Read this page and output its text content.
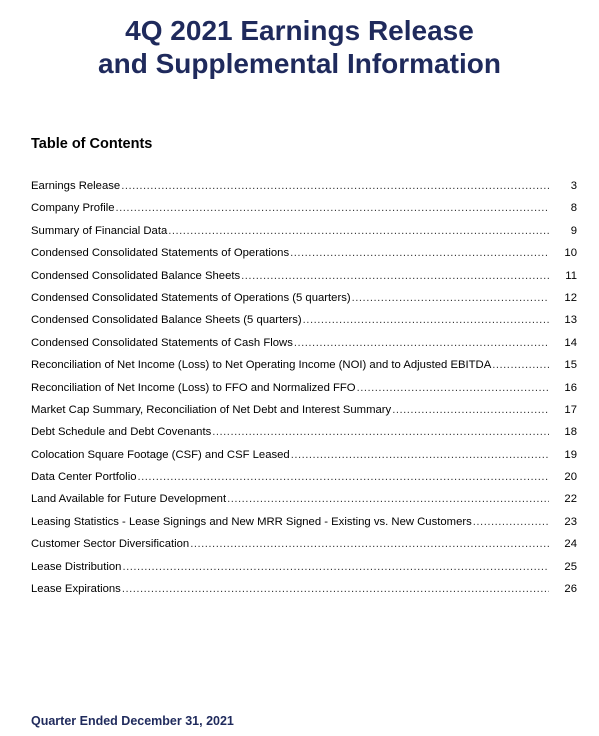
4Q 2021 Earnings Release
and Supplemental Information
Table of Contents
Earnings Release .....	3
Company Profile .....	8
Summary of Financial Data .....	9
Condensed Consolidated Statements of Operations .....	10
Condensed Consolidated Balance Sheets .....	11
Condensed Consolidated Statements of Operations (5 quarters) .....	12
Condensed Consolidated Balance Sheets (5 quarters) .....	13
Condensed Consolidated Statements of Cash Flows .....	14
Reconciliation of Net Income (Loss) to Net Operating Income (NOI) and to Adjusted EBITDA .....	15
Reconciliation of Net Income (Loss) to FFO and Normalized FFO .....	16
Market Cap Summary, Reconciliation of Net Debt and Interest Summary .....	17
Debt Schedule and Debt Covenants .....	18
Colocation Square Footage (CSF) and CSF Leased .....	19
Data Center Portfolio .....	20
Land Available for Future Development .....	22
Leasing Statistics - Lease Signings and New MRR Signed - Existing vs. New Customers .....	23
Customer Sector Diversification .....	24
Lease Distribution .....	25
Lease Expirations .....	26
Quarter Ended December 31, 2021
